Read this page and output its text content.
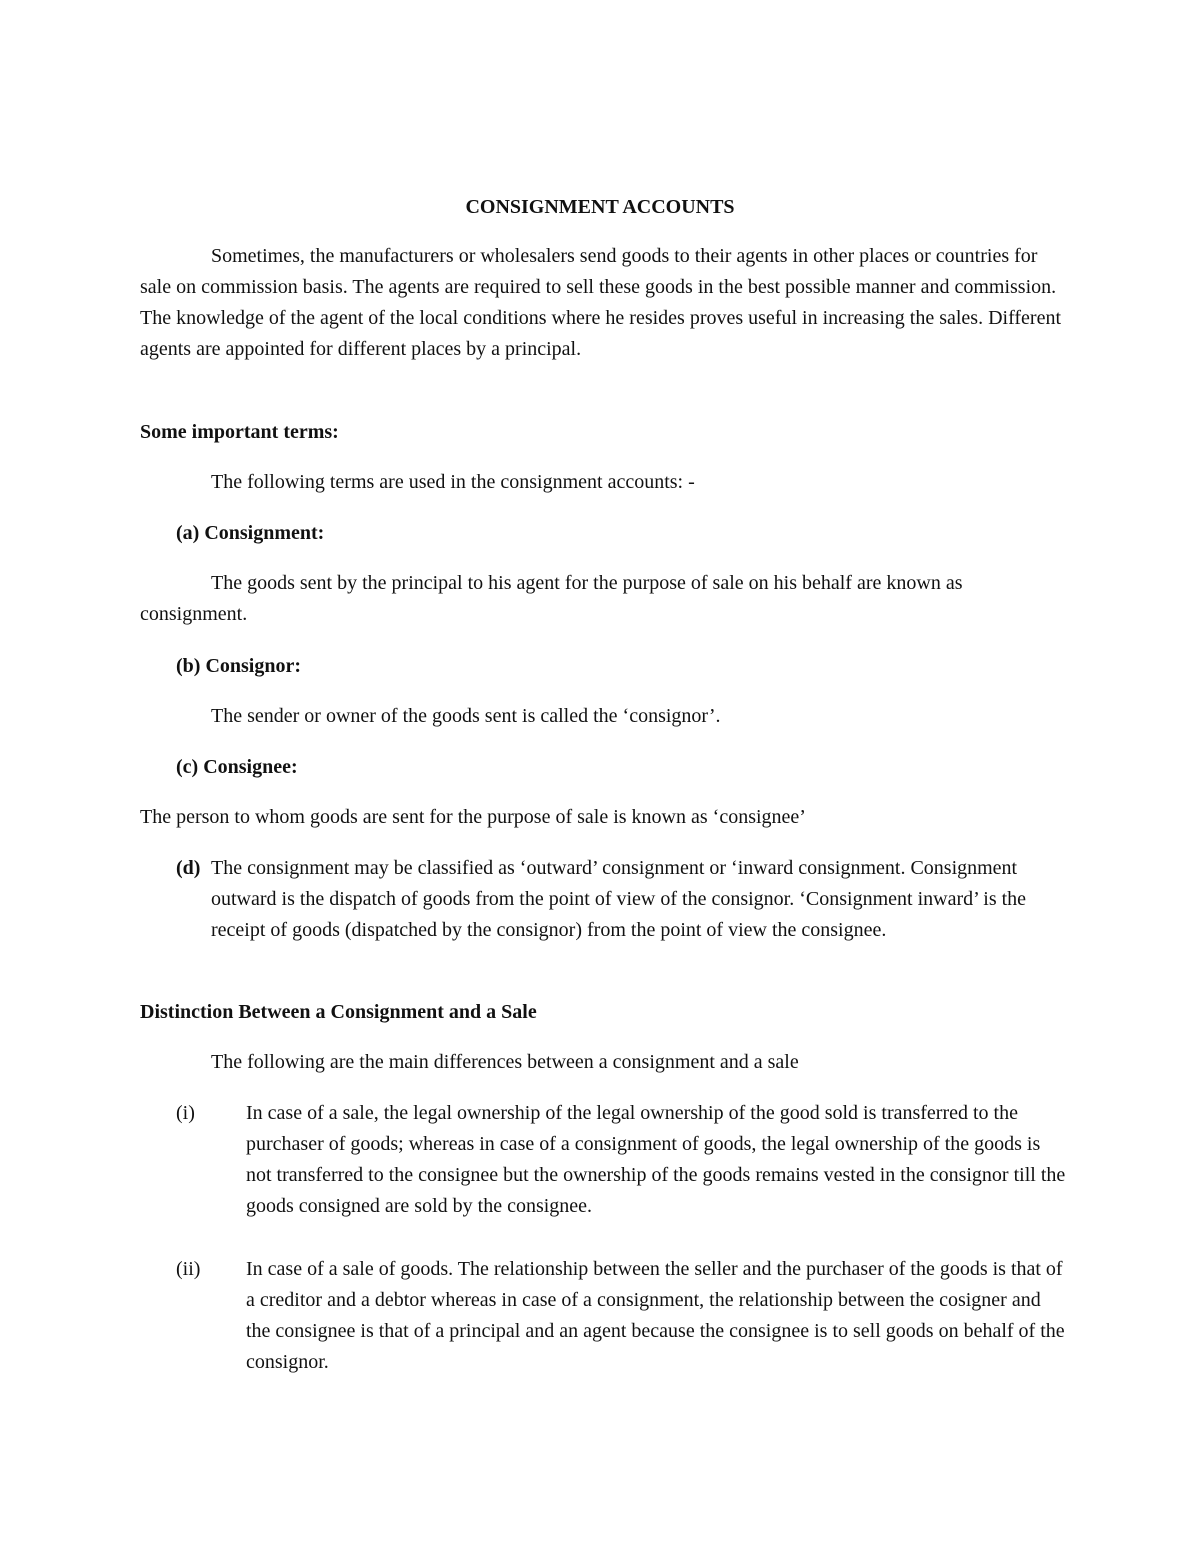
CONSIGNMENT ACCOUNTS

Sometimes, the manufacturers or wholesalers send goods to their agents in other places or countries for sale on commission basis. The agents are required to sell these goods in the best possible manner and commission. The knowledge of the agent of the local conditions where he resides proves useful in increasing the sales. Different agents are appointed for different places by a principal.

Some important terms:

The following terms are used in the consignment accounts: -

(a) Consignment:

The goods sent by the principal to his agent for the purpose of sale on his behalf are known as consignment.

(b) Consignor:

The sender or owner of the goods sent is called the ‘consignor’.

(c) Consignee:

The person to whom goods are sent for the purpose of sale is known as ‘consignee’

(d) The consignment may be classified as ‘outward’ consignment or ‘inward consignment. Consignment outward is the dispatch of goods from the point of view of the consignor. ‘Consignment inward’ is the receipt of goods (dispatched by the consignor) from the point of view the consignee.

Distinction Between a Consignment and a Sale

The following are the main differences between a consignment and a sale

(i)	In case of a sale, the legal ownership of the legal ownership of the good sold is transferred to the purchaser of goods; whereas in case of a consignment of goods, the legal ownership of the goods is not transferred to the consignee but the ownership of the goods remains vested in the consignor till the goods consigned are sold by the consignee.
(ii)	In case of a sale of goods. The relationship between the seller and the purchaser of the goods is that of a creditor and a debtor whereas in case of a consignment, the relationship between the cosigner and the consignee is that of a principal and an agent because the consignee is to sell goods on behalf of the consignor.
